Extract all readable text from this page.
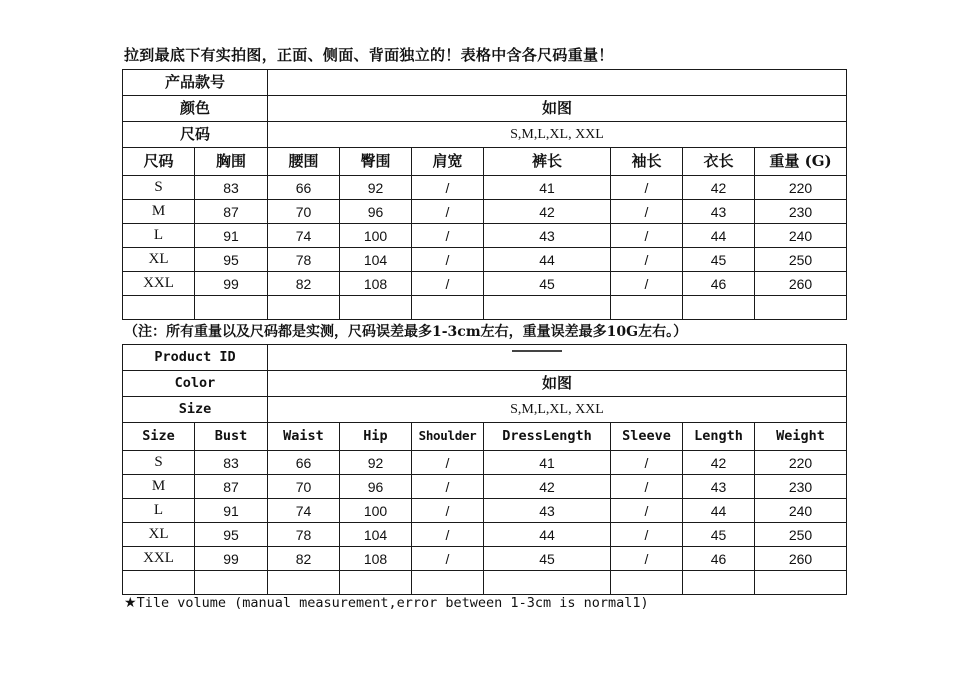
拉到最底下有实拍图，正面、侧面、背面独立的！表格中含各尺码重量！
产品款号								
颜色		如图						
尺码		S,M,L,XL, XXL						
尺码	胸围	腰围	臀围	肩宽	裤长	袖长	衣长	重量 (G)
S	83	66	92	/	41	/	42	220
M	87	70	96	/	42	/	43	230
L	91	74	100	/	43	/	44	240
XL	95	78	104	/	44	/	45	250
XXL	99	82	108	/	45	/	46	260

（注：所有重量以及尺码都是实测，尺码误差最多1-3cm左右，重量误差最多10G左右。）
Product ID								
Color		如图						
Size		S,M,L,XL, XXL						
Size	Bust	Waist	Hip	Shoulder	DressLength	Sleeve	Length	Weight
S	83	66	92	/	41	/	42	220
M	87	70	96	/	42	/	43	230
L	91	74	100	/	43	/	44	240
XL	95	78	104	/	44	/	45	250
XXL	99	82	108	/	45	/	46	260

★Tile volume (manual measurement,error between 1-3cm is normal1)
